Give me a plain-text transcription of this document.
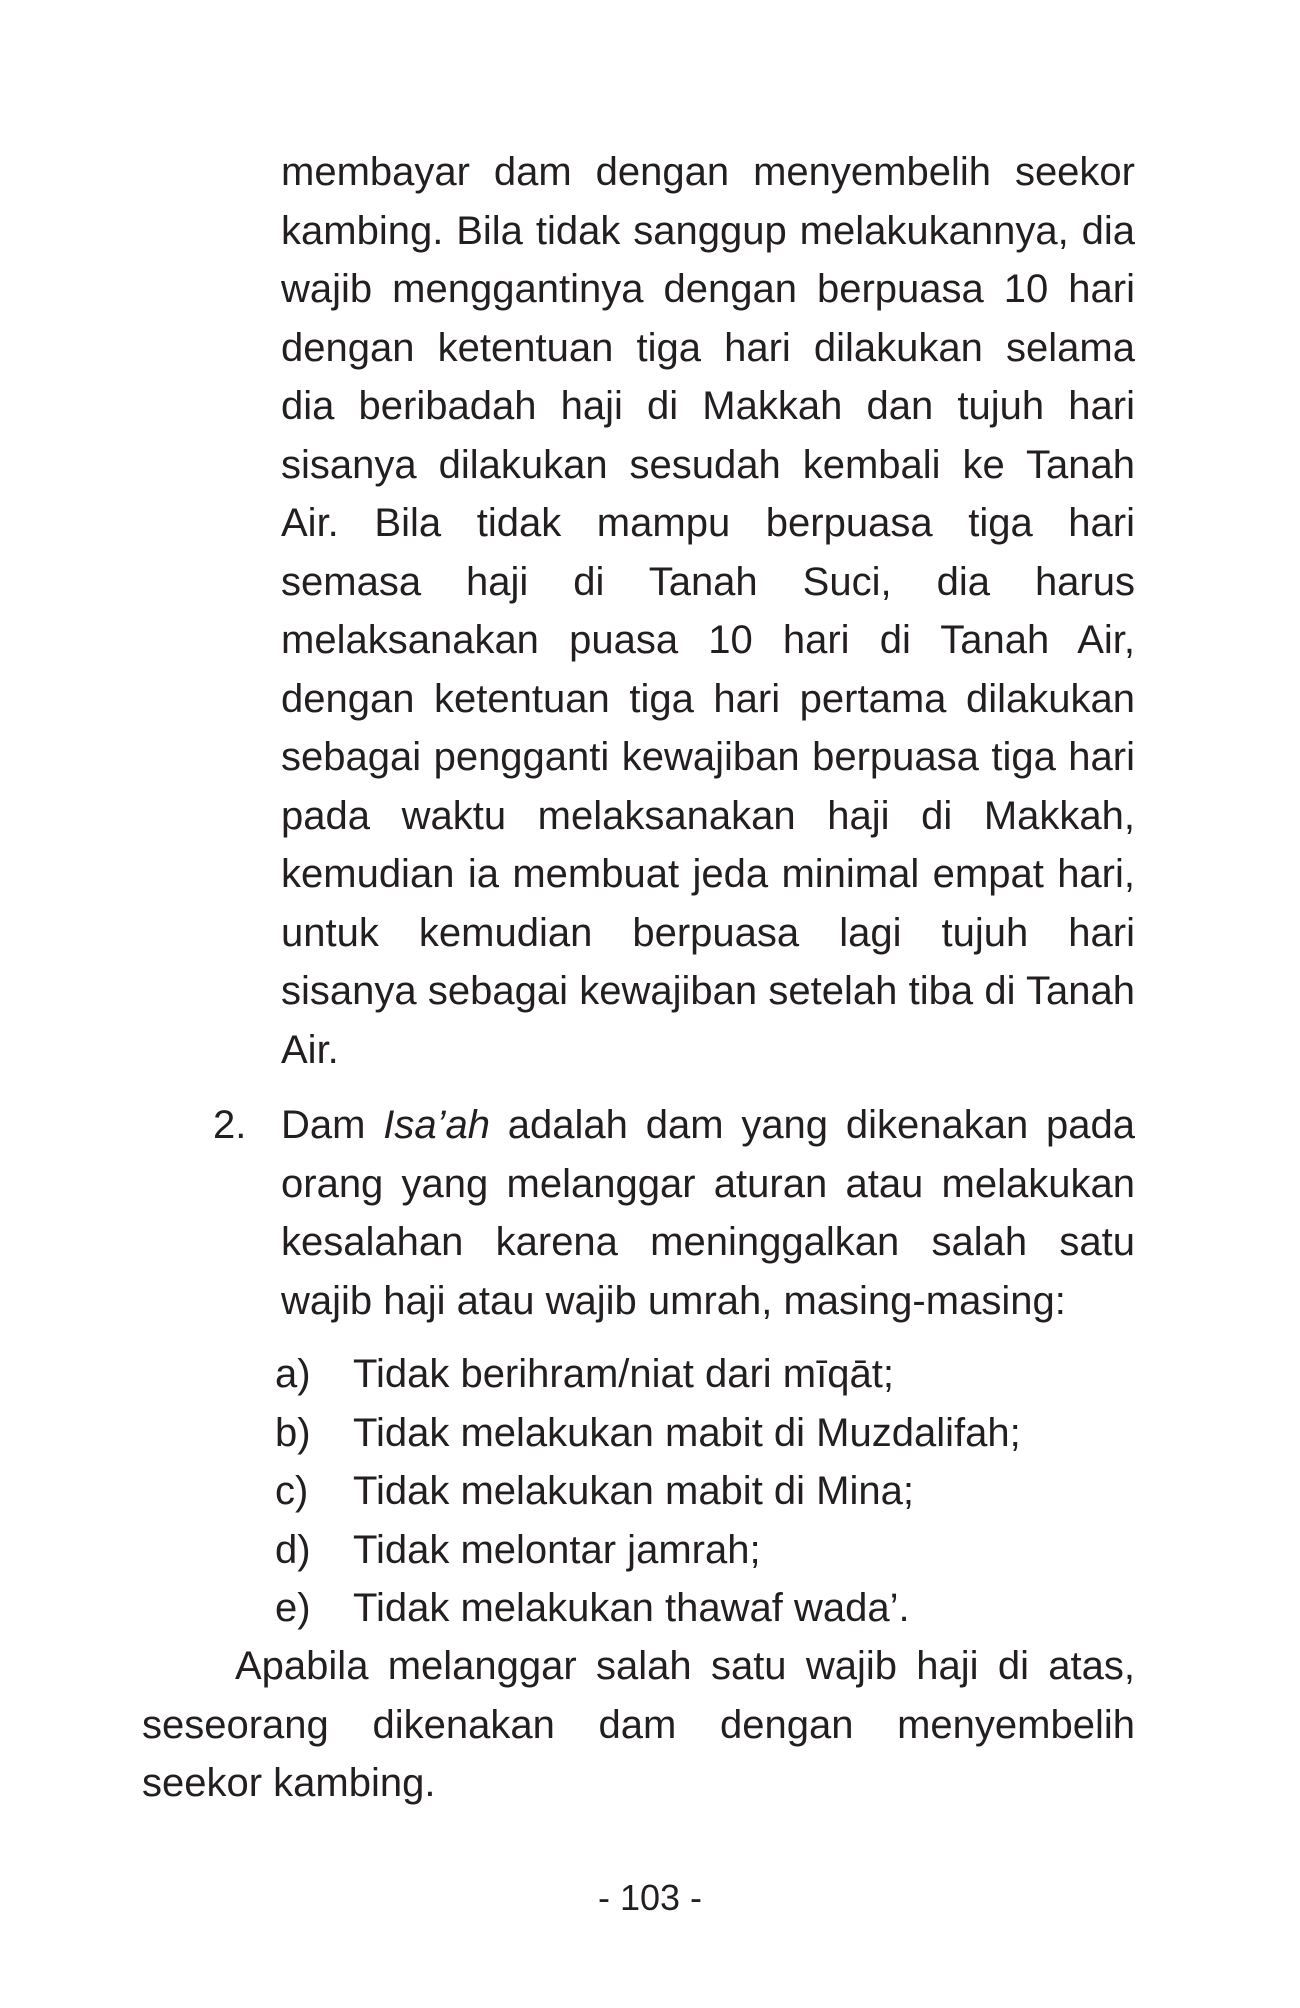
membayar dam dengan menyembelih seekor kambing. Bila tidak sanggup melakukannya, dia wajib menggantinya dengan berpuasa 10 hari dengan ketentuan tiga hari dilakukan selama dia beribadah haji di Makkah dan tujuh hari sisanya dilakukan sesudah kembali ke Tanah Air. Bila tidak mampu berpuasa tiga hari semasa haji di Tanah Suci, dia harus melaksanakan puasa 10 hari di Tanah Air, dengan ketentuan tiga hari pertama dilakukan sebagai pengganti kewajiban berpuasa tiga hari pada waktu melaksanakan haji di Makkah, kemudian ia membuat jeda minimal empat hari, untuk kemudian berpuasa lagi tujuh hari sisanya sebagai kewajiban setelah tiba di Tanah Air.

2. Dam Isa’ah adalah dam yang dikenakan pada orang yang melanggar aturan atau melakukan kesalahan karena meninggalkan salah satu wajib haji atau wajib umrah, masing-masing:

a)	Tidak berihram/niat dari mīqāt;
b)	Tidak melakukan mabit di Muzdalifah;
c)	Tidak melakukan mabit di Mina;
d)	Tidak melontar jamrah;
e)	Tidak melakukan thawaf wada’.

Apabila melanggar salah satu wajib haji di atas, seseorang dikenakan dam dengan menyembelih seekor kambing.

- 103 -
